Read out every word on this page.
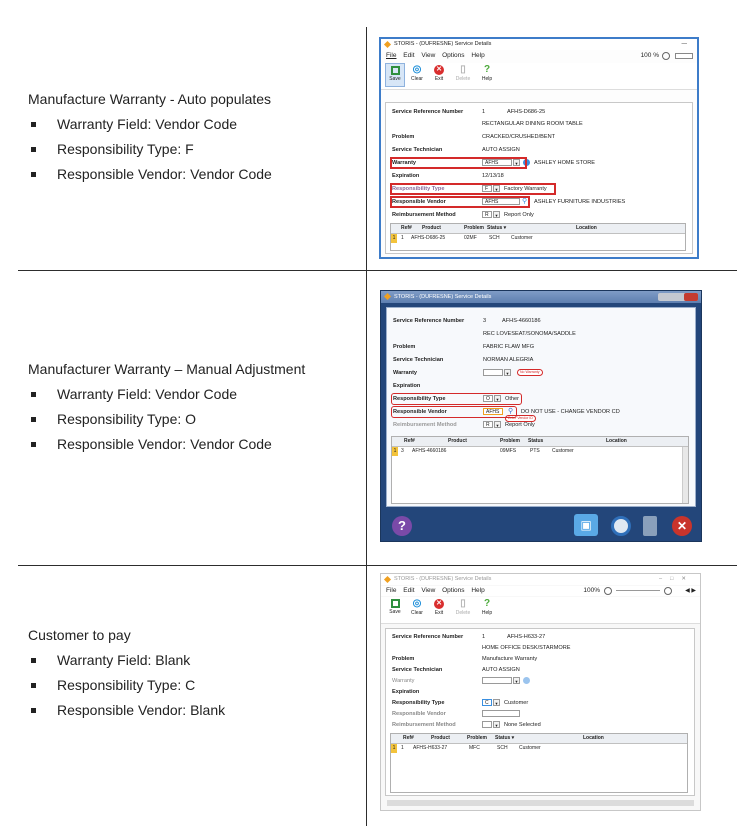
Manufacture Warranty - Auto populates

Warranty Field: Vendor Code
Responsibility Type: F
Responsible Vendor: Vendor Code

Manufacturer Warranty – Manual Adjustment

Warranty Field: Vendor Code
Responsibility Type: O
Responsible Vendor: Vendor Code

Customer to pay

Warranty Field: Blank
Responsibility Type: C
Responsible Vendor: Blank
STORIS - (DUFRESNE) Service Details	—
File Edit View Options Help	100 %
Save
◎
Clear
✕
Exit
▯
Delete
?
Help
Service Reference Number	1	AFHS-D686-25
RECTANGULAR DINING ROOM TABLE
Problem	CRACKED/CRUSHED/BENT
Service Technician	AUTO ASSIGN
Warranty	AFHS	▼	ASHLEY HOME STORE
Expiration	12/13/18
Responsibility Type	F	▼ Factory Warranty
Responsible Vendor	AFHS	⚲ ASHLEY FURNITURE INDUSTRIES
Reimbursement Method	R	▼ Report Only
Ref# Product	Problem Status ▾	Location
1	1 AFHS-D686-25	02MF SCH Customer
STORIS - (DUFRESNE) Service Details
Service Reference Number	3	AFHS-4660186
REC LOVESEAT/SONOMA/SADDLE
Problem	FABRIC FLAW MFG
Service Technician	NORMAN ALEGRIA
Warranty	▼	No Warranty
Expiration
Responsibility Type	O	▼ Other
Responsible Vendor	AFHS	⚲ DO NOT USE - CHANGE VENDOR CD
Enter Vendor ID
Reimbursement Method	R	▼ Report Only
Ref#	Product	Problem Status	Location
1 3 AFHS-4660186	09MFS	PTS Customer
?	▣	✕
STORIS - (DUFRESNE) Service Details	–□✕
File Edit View Options Help	100%	◀ ▶
Save
◎
Clear
✕
Exit
▯
Delete
?
Help
Service Reference Number	1	AFHS-H633-27
HOME OFFICE DESK/STARMORE
Problem	Manufacture Warranty
Service Technician	AUTO ASSIGN
Warranty	▼
Expiration
Responsibility Type	C	▼ Customer
Responsible Vendor
Reimbursement Method	▼ None Selected
Ref#	Product	Problem Status ▾	Location
1	1 AFHS-H633-27	MFC	SCH Customer
